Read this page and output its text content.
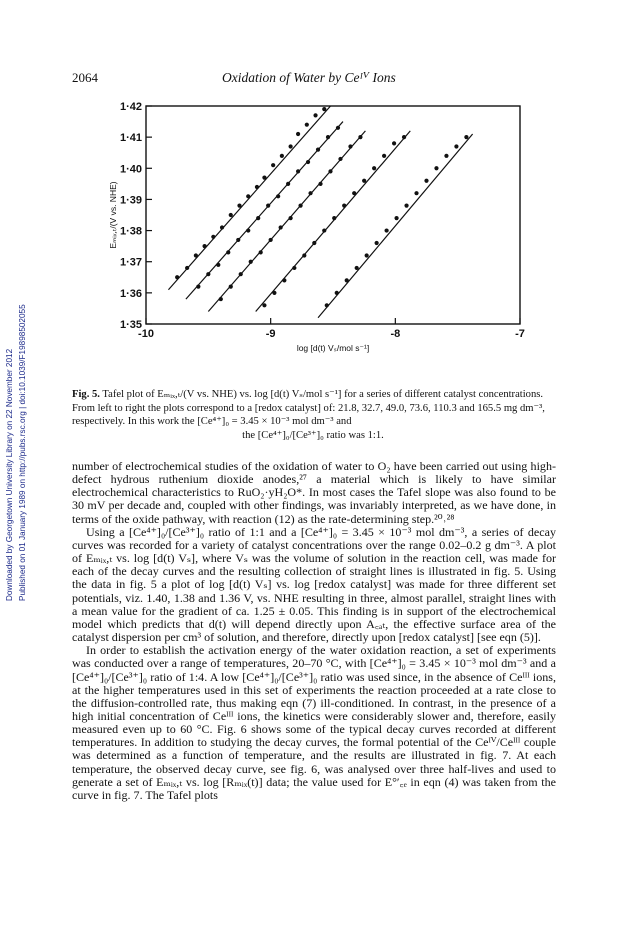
Downloaded by Georgetown University Library on 22 November 2012 Published on 01 January 1989 on http://pubs.rsc.org | doi:10.1039/F19898502055
2064	Oxidation of Water by Ceᴵⱽ Ions
1·35
1·36
1·37
1·38
1·39
1·40
1·41
1·42
-10	-9	-8	-7
log [d(t) Vₛ/mol s⁻¹]
Eₘᵢₓ,ₜ/(V vs. NHE)
Fig. 5. Tafel plot of Eₘᵢₓ,ₜ/(V vs. NHE) vs. log [d(t) Vₛ/mol s⁻¹] for a series of different catalyst concentrations. From left to right the plots correspond to a [redox catalyst] of: 21.8, 32.7, 49.0, 73.6, 110.3 and 165.5 mg dm⁻³, respectively. In this work the [Ce⁴⁺]₀ = 3.45 × 10⁻³ mol dm⁻³ and
the [Ce⁴⁺]₀/[Ce³⁺]₀ ratio was 1:1.

number of electrochemical studies of the oxidation of water to O₂ have been carried out using high-defect hydrous ruthenium dioxide anodes,²⁷ a material which is likely to have similar electrochemical characteristics to RuO₂·yH₂O*. In most cases the Tafel slope was also found to be 30 mV per decade and, coupled with other findings, was invariably interpreted, as we have done, in terms of the oxide pathway, with reaction (12) as the rate-determining step.²⁰˒²⁸

Using a [Ce⁴⁺]₀/[Ce³⁺]₀ ratio of 1:1 and a [Ce⁴⁺]₀ = 3.45 × 10⁻³ mol dm⁻³, a series of decay curves was recorded for a variety of catalyst concentrations over the range 0.02–0.2 g dm⁻³. A plot of Eₘᵢₓ,ₜ vs. log [d(t) Vₛ], where Vₛ was the volume of solution in the reaction cell, was made for each of the decay curves and the resulting collection of straight lines is illustrated in fig. 5. Using the data in fig. 5 a plot of log [d(t) Vₛ] vs. log [redox catalyst] was made for three different set potentials, viz. 1.40, 1.38 and 1.36 V, vs. NHE resulting in three, almost parallel, straight lines with a mean value for the gradient of ca. 1.25 ± 0.05. This finding is in support of the electrochemical model which predicts that d(t) will depend directly upon A꜀ₐₜ, the effective surface area of the catalyst dispersion per cm³ of solution, and therefore, directly upon [redox catalyst] [see eqn (5)].

In order to establish the activation energy of the water oxidation reaction, a set of experiments was conducted over a range of temperatures, 20–70 °C, with [Ce⁴⁺]₀ = 3.45 × 10⁻³ mol dm⁻³ and a [Ce⁴⁺]₀/[Ce³⁺]₀ ratio of 1:4. A low [Ce⁴⁺]₀/[Ce³⁺]₀ ratio was used since, in the absence of Ceᴵᴵᴵ ions, at the higher temperatures used in this set of experiments the reaction proceeded at a rate close to the diffusion-controlled rate, thus making eqn (7) ill-conditioned. In contrast, in the presence of a high initial concentration of Ceᴵᴵᴵ ions, the kinetics were considerably slower and, therefore, easily measured even up to 60 °C. Fig. 6 shows some of the typical decay curves recorded at different temperatures. In addition to studying the decay curves, the formal potential of the Ceᴵⱽ/Ceᴵᴵᴵ couple was determined as a function of temperature, and the results are illustrated in fig. 7. At each temperature, the observed decay curve, see fig. 6, was analysed over three half-lives and used to generate a set of Eₘᵢₓ,ₜ vs. log [Rₘᵢₓ(t)] data; the value used for E°′꜀ₑ in eqn (4) was taken from the curve in fig. 7. The Tafel plots
